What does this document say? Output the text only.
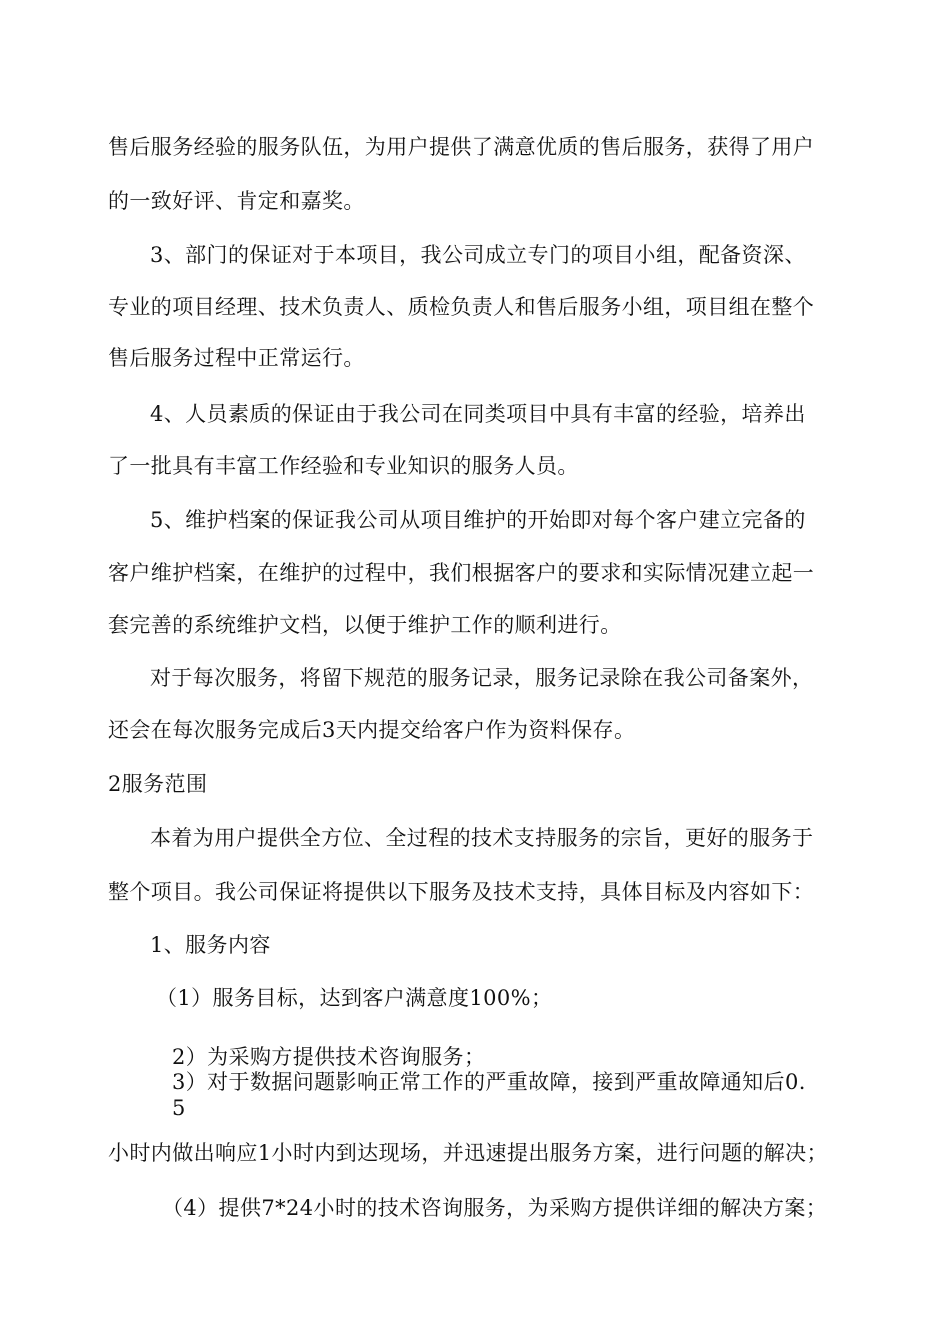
售后服务经验的服务队伍，为用户提供了满意优质的售后服务，获得了用户
的一致好评、肯定和嘉奖。
3、部门的保证对于本项目，我公司成立专门的项目小组，配备资深、
专业的项目经理、技术负责人、质检负责人和售后服务小组，项目组在整个
售后服务过程中正常运行。
4、人员素质的保证由于我公司在同类项目中具有丰富的经验，培养出
了一批具有丰富工作经验和专业知识的服务人员。
5、维护档案的保证我公司从项目维护的开始即对每个客户建立完备的
客户维护档案，在维护的过程中，我们根据客户的要求和实际情况建立起一
套完善的系统维护文档，以便于维护工作的顺利进行。
对于每次服务，将留下规范的服务记录，服务记录除在我公司备案外，
还会在每次服务完成后3天内提交给客户作为资料保存。
2服务范围
本着为用户提供全方位、全过程的技术支持服务的宗旨，更好的服务于
整个项目。我公司保证将提供以下服务及技术支持，具体目标及内容如下：
1、服务内容
（1）服务目标，达到客户满意度100%；
2）为采购方提供技术咨询服务；
3）对于数据问题影响正常工作的严重故障，接到严重故障通知后0.
5
小时内做出响应1小时内到达现场，并迅速提出服务方案，进行问题的解决；
（4）提供7*24小时的技术咨询服务，为采购方提供详细的解决方案；
